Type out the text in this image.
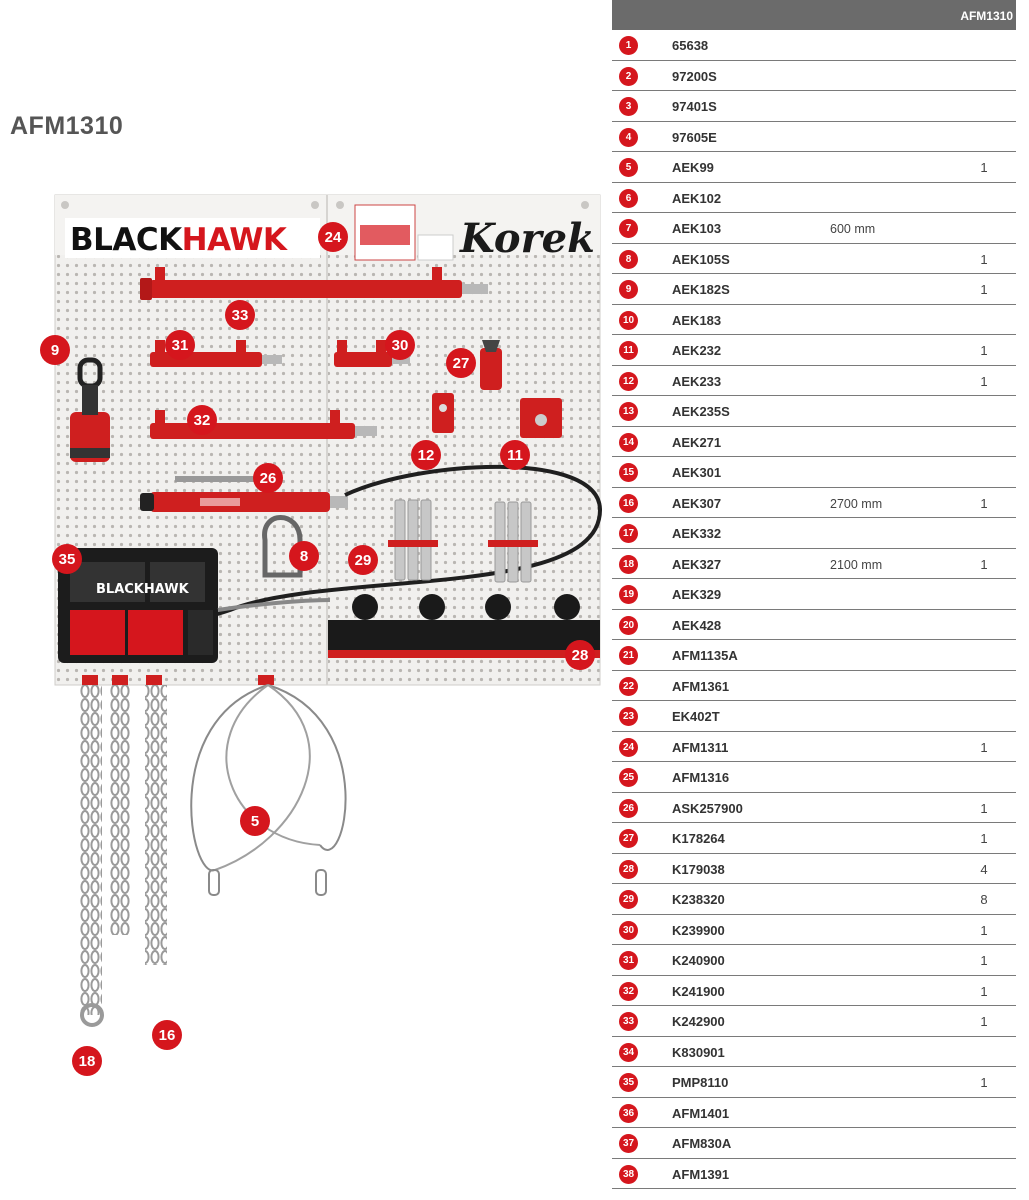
AFM1310
BLACKHAWK	Korek
BLACKHAWK
24
33
9	31	30
27
32
12	11
26
35	8	29
28
5
16
18
AFM1310
1	65638
2	97200S
3	97401S
4	97605E
5	AEK99	1
6	AEK102
7	AEK103	600 mm
8	AEK105S	1
9	AEK182S	1
10	AEK183
11	AEK232	1
12	AEK233	1
13	AEK235S
14	AEK271
15	AEK301
16	AEK307	2700 mm	1
17	AEK332
18	AEK327	2100 mm	1
19	AEK329
20	AEK428
21	AFM1135A
22	AFM1361
23	EK402T
24	AFM1311	1
25	AFM1316
26	ASK257900	1
27	K178264	1
28	K179038	4
29	K238320	8
30	K239900	1
31	K240900	1
32	K241900	1
33	K242900	1
34	K830901
35	PMP8110	1
36	AFM1401
37	AFM830A
38	AFM1391
